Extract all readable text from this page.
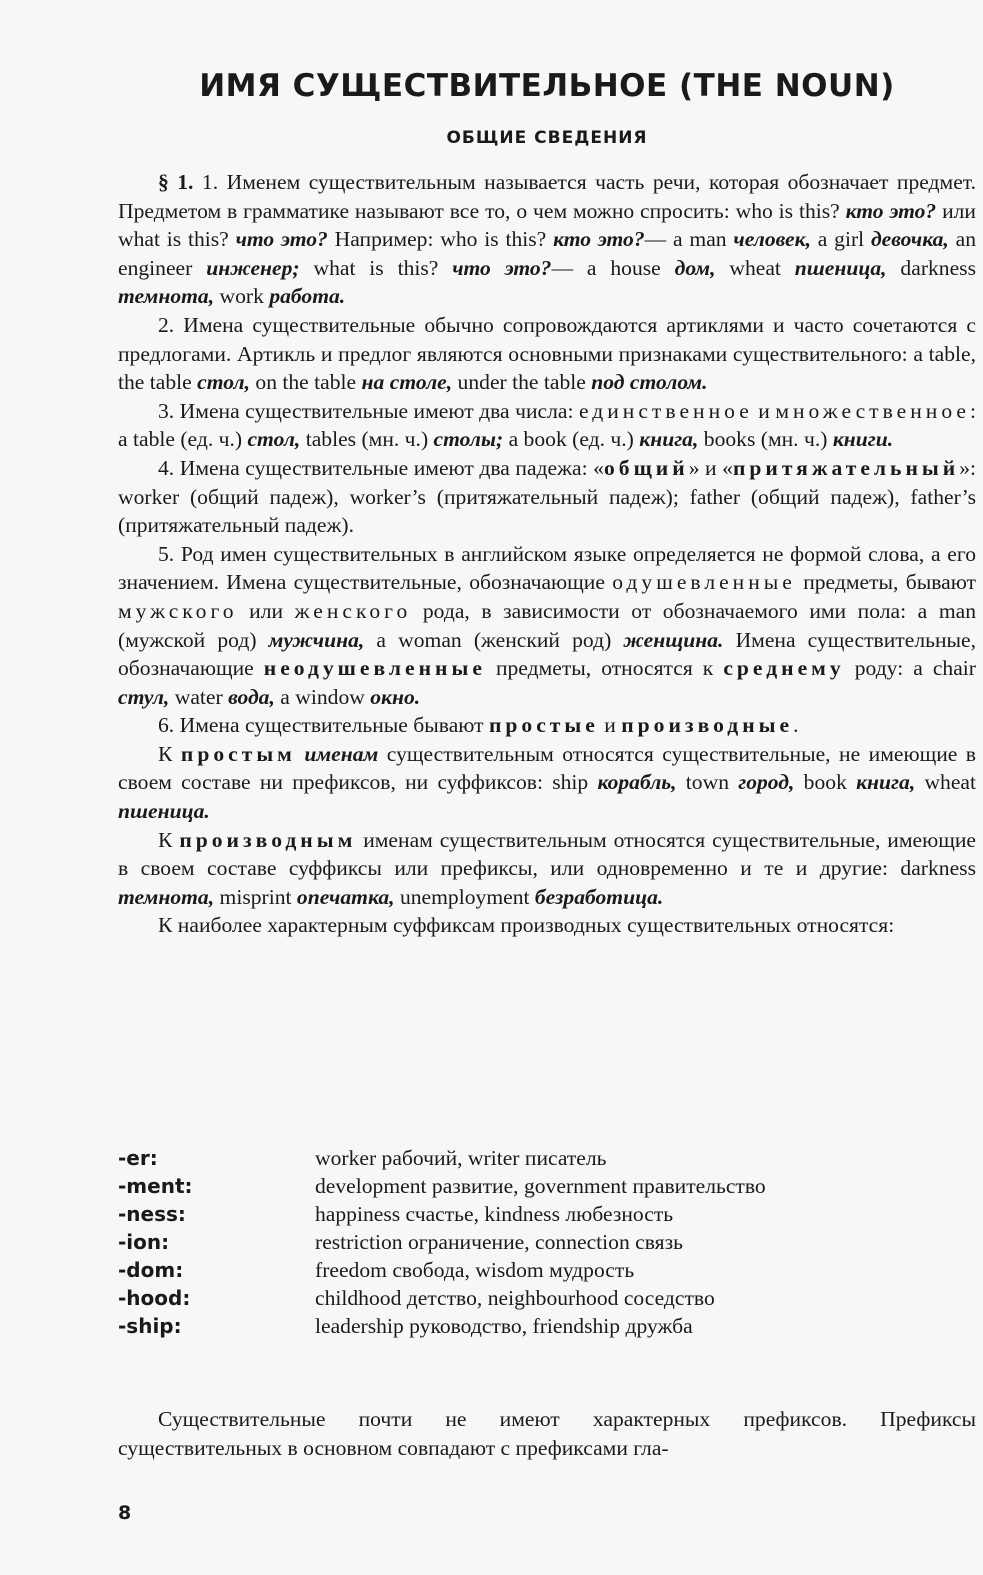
ИМЯ СУЩЕСТВИТЕЛЬНОЕ (THE NOUN)
ОБЩИЕ СВЕДЕНИЯ

§ 1. 1. Именем существительным называется часть речи, которая обозначает предмет. Предметом в грамматике называют все то, о чем можно спросить: who is this? кто это? или what is this? что это? Например: who is this? кто это?— a man человек, a girl девочка, an engineer инженер; what is this? что это?— a house дом, wheat пшеница, darkness темнота, work работа.

2. Имена существительные обычно сопровождаются артиклями и часто сочетаются с предлогами. Артикль и предлог являются основными признаками существительного: a table, the table стол, on the table на столе, under the table под столом.

3. Имена существительные имеют два числа: единственное и множественное: a table (ед. ч.) стол, tables (мн. ч.) столы; a book (ед. ч.) книга, books (мн. ч.) книги.

4. Имена существительные имеют два падежа: «общий» и «притяжательный»: worker (общий падеж), worker’s (притяжательный падеж); father (общий падеж), father’s (притяжательный падеж).

5. Род имен существительных в английском языке определяется не формой слова, а его значением. Имена существительные, обозначающие одушевленные предметы, бывают мужского или женского рода, в зависимости от обозначаемого ими пола: a man (мужской род) мужчина, a woman (женский род) женщина. Имена существительные, обозначающие неодушевленные предметы, относятся к среднему роду: a chair стул, water вода, a window окно.

6. Имена существительные бывают простые и производные.

К простым именам существительным относятся существительные, не имеющие в своем составе ни префиксов, ни суффиксов: ship корабль, town город, book книга, wheat пшеница.

К производным именам существительным относятся существительные, имеющие в своем составе суффиксы или префиксы, или одновременно и те и другие: darkness темнота, misprint опечатка, unemployment безработица.

К наиболее характерным суффиксам производных существительных относятся:

-er:	worker рабочий, writer писатель
-ment:	development развитие, government правительство
-ness:	happiness счастье, kindness любезность
-ion:	restriction ограничение, connection связь
-dom:	freedom свобода, wisdom мудрость
-hood:	childhood детство, neighbourhood соседство
-ship:	leadership руководство, friendship дружба

Существительные почти не имеют характерных префиксов. Префиксы существительных в основном совпадают с префиксами гла-

8
